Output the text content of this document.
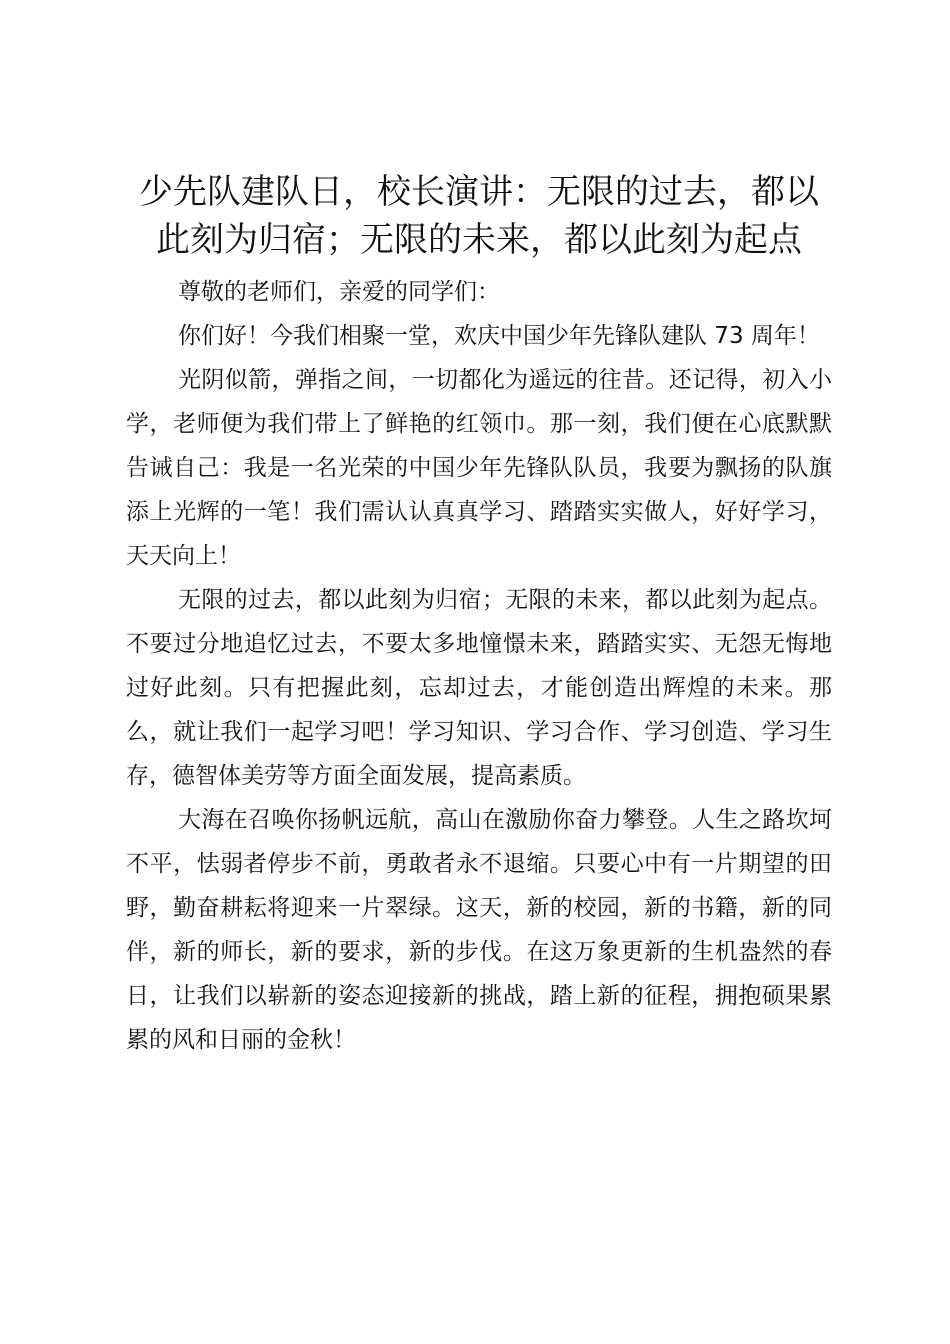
少先队建队日，校长演讲：无限的过去，都以此刻为归宿；无限的未来，都以此刻为起点

尊敬的老师们，亲爱的同学们：

你们好！今我们相聚一堂，欢庆中国少年先锋队建队 73 周年！

光阴似箭，弹指之间，一切都化为遥远的往昔。还记得，初入小学，老师便为我们带上了鲜艳的红领巾。那一刻，我们便在心底默默告诫自己：我是一名光荣的中国少年先锋队队员，我要为飘扬的队旗添上光辉的一笔！我们需认认真真学习、踏踏实实做人，好好学习，天天向上！

无限的过去，都以此刻为归宿；无限的未来，都以此刻为起点。不要过分地追忆过去，不要太多地憧憬未来，踏踏实实、无怨无悔地过好此刻。只有把握此刻，忘却过去，才能创造出辉煌的未来。那么，就让我们一起学习吧！学习知识、学习合作、学习创造、学习生存，德智体美劳等方面全面发展，提高素质。

大海在召唤你扬帆远航，高山在激励你奋力攀登。人生之路坎坷不平，怯弱者停步不前，勇敢者永不退缩。只要心中有一片期望的田野，勤奋耕耘将迎来一片翠绿。这天，新的校园，新的书籍，新的同伴，新的师长，新的要求，新的步伐。在这万象更新的生机盎然的春日，让我们以崭新的姿态迎接新的挑战，踏上新的征程，拥抱硕果累累的风和日丽的金秋！
